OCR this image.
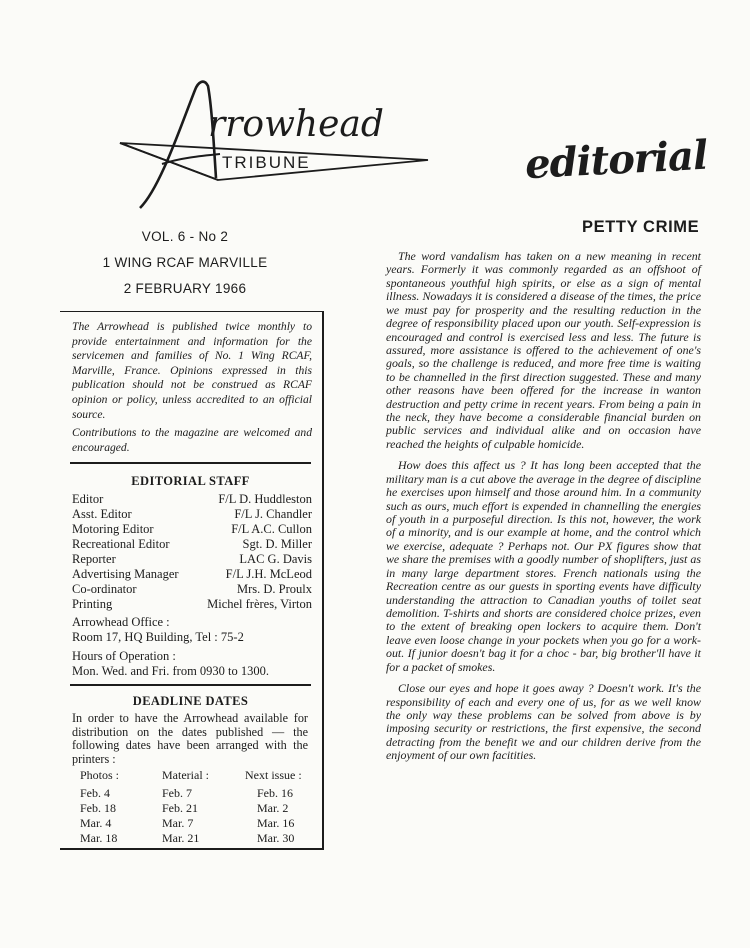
rrowhead
TRIBUNE	editorial
VOL. 6 - No 2
1 WING RCAF MARVILLE
2 FEBRUARY 1966

The Arrowhead is published twice monthly to provide entertainment and information for the servicemen and families of No. 1 Wing RCAF, Marville, France. Opinions expressed in this publication should not be construed as RCAF opinion or policy, unless accredited to an official source.

Contributions to the magazine are welcomed and encouraged.

EDITORIAL STAFF
Editor	F/L D. Huddleston
Asst. Editor	F/L J. Chandler
Motoring Editor	F/L A.C. Cullon
Recreational Editor	Sgt. D. Miller
Reporter	LAC G. Davis
Advertising Manager	F/L J.H. McLeod
Co-ordinator	Mrs. D. Proulx
Printing	Michel frères, Virton
Arrowhead Office :
Room 17, HQ Building, Tel : 75-2
Hours of Operation :
Mon. Wed. and Fri. from 0930 to 1300.
DEADLINE DATES
In order to have the Arrowhead available for distribution on the dates published — the following dates have been arranged with the printers :
Photos :	Material :	Next issue :
Feb. 4	Feb. 7	Feb. 16
Feb. 18	Feb. 21	Mar. 2
Mar. 4	Mar. 7	Mar. 16
Mar. 18	Mar. 21	Mar. 30
PETTY CRIME

The word vandalism has taken on a new meaning in recent years. Formerly it was commonly regarded as an offshoot of spontaneous youthful high spirits, or else as a sign of mental illness. Nowadays it is considered a disease of the times, the price we must pay for prosperity and the resulting reduction in the degree of responsibility placed upon our youth. Self-expression is encouraged and control is exercised less and less. The future is assured, more assistance is offered to the achievement of one's goals, so the challenge is reduced, and more free time is waiting to be channelled in the first direction suggested. These and many other reasons have been offered for the increase in wanton destruction and petty crime in recent years. From being a pain in the neck, they have become a considerable financial burden on public services and individual alike and on occasion have reached the heights of culpable homicide.

How does this affect us ? It has long been accepted that the military man is a cut above the average in the degree of discipline he exercises upon himself and those around him. In a community such as ours, much effort is expended in channelling the energies of youth in a purposeful direction. Is this not, however, the work of a minority, and is our example at home, and the control which we exercise, adequate ? Perhaps not. Our PX figures show that we share the premises with a goodly number of shoplifters, just as in many large department stores. French nationals using the Recreation centre as our guests in sporting events have difficulty understanding the attraction to Canadian youths of toilet seat demolition. T-shirts and shorts are considered choice prizes, even to the extent of breaking open lockers to acquire them. Don't leave even loose change in your pockets when you go for a work-out. If junior doesn't bag it for a choc - bar, big brother'll have it for a packet of smokes.

Close our eyes and hope it goes away ? Doesn't work. It's the responsibility of each and every one of us, for as we well know the only way these problems can be solved from above is by imposing security or restrictions, the first expensive, the second detracting from the benefit we and our children derive from the enjoyment of our own facitities.
